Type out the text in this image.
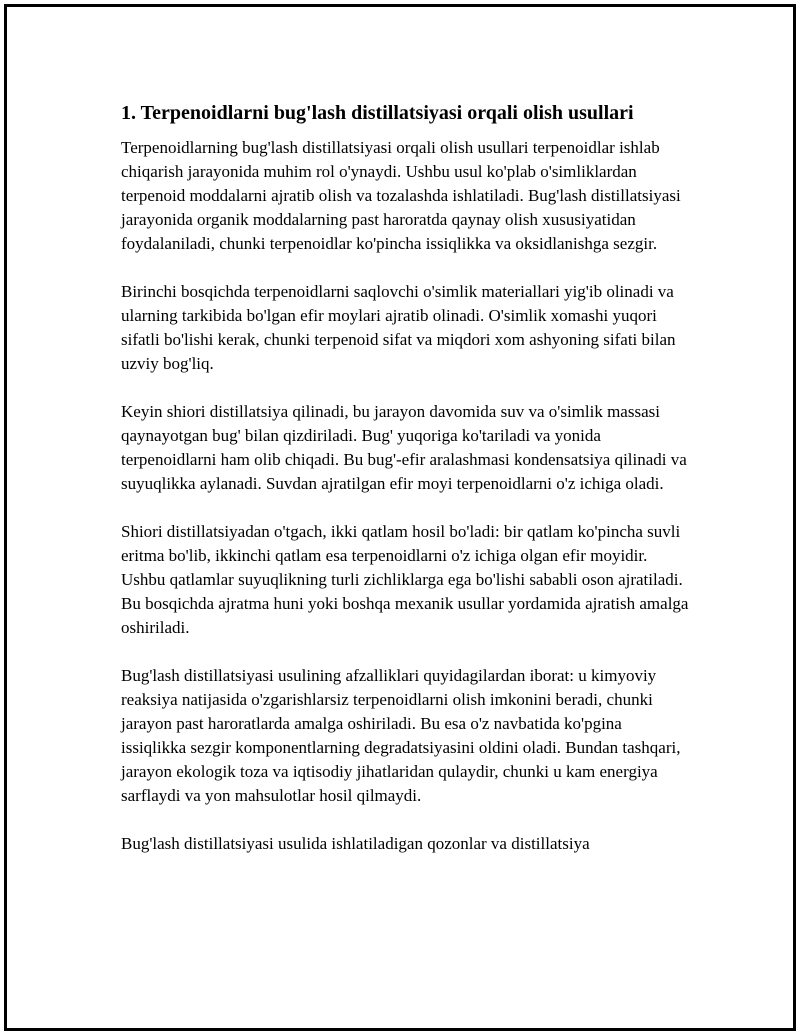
1. Terpenoidlarni bug'lash distillatsiyasi orqali olish usullari

Terpenoidlarning bug'lash distillatsiyasi orqali olish usullari terpenoidlar ishlab chiqarish jarayonida muhim rol o'ynaydi. Ushbu usul ko'plab o'simliklardan terpenoid moddalarni ajratib olish va tozalashda ishlatiladi. Bug'lash distillatsiyasi jarayonida organik moddalarning past haroratda qaynay olish xususiyatidan foydalaniladi, chunki terpenoidlar ko'pincha issiqlikka va oksidlanishga sezgir.

Birinchi bosqichda terpenoidlarni saqlovchi o'simlik materiallari yig'ib olinadi va ularning tarkibida bo'lgan efir moylari ajratib olinadi. O'simlik xomashi yuqori sifatli bo'lishi kerak, chunki terpenoid sifat va miqdori xom ashyoning sifati bilan uzviy bog'liq.

Keyin shiori distillatsiya qilinadi, bu jarayon davomida suv va o'simlik massasi qaynayotgan bug' bilan qizdiriladi. Bug' yuqoriga ko'tariladi va yonida terpenoidlarni ham olib chiqadi. Bu bug'-efir aralashmasi kondensatsiya qilinadi va suyuqlikka aylanadi. Suvdan ajratilgan efir moyi terpenoidlarni o'z ichiga oladi.

Shiori distillatsiyadan o'tgach, ikki qatlam hosil bo'ladi: bir qatlam ko'pincha suvli eritma bo'lib, ikkinchi qatlam esa terpenoidlarni o'z ichiga olgan efir moyidir. Ushbu qatlamlar suyuqlikning turli zichliklarga ega bo'lishi sababli oson ajratiladi. Bu bosqichda ajratma huni yoki boshqa mexanik usullar yordamida ajratish amalga oshiriladi.

Bug'lash distillatsiyasi usulining afzalliklari quyidagilardan iborat: u kimyoviy reaksiya natijasida o'zgarishlarsiz terpenoidlarni olish imkonini beradi, chunki jarayon past haroratlarda amalga oshiriladi. Bu esa o'z navbatida ko'pgina issiqlikka sezgir komponentlarning degradatsiyasini oldini oladi. Bundan tashqari, jarayon ekologik toza va iqtisodiy jihatlaridan qulaydir, chunki u kam energiya sarflaydi va yon mahsulotlar hosil qilmaydi.

Bug'lash distillatsiyasi usulida ishlatiladigan qozonlar va distillatsiya
